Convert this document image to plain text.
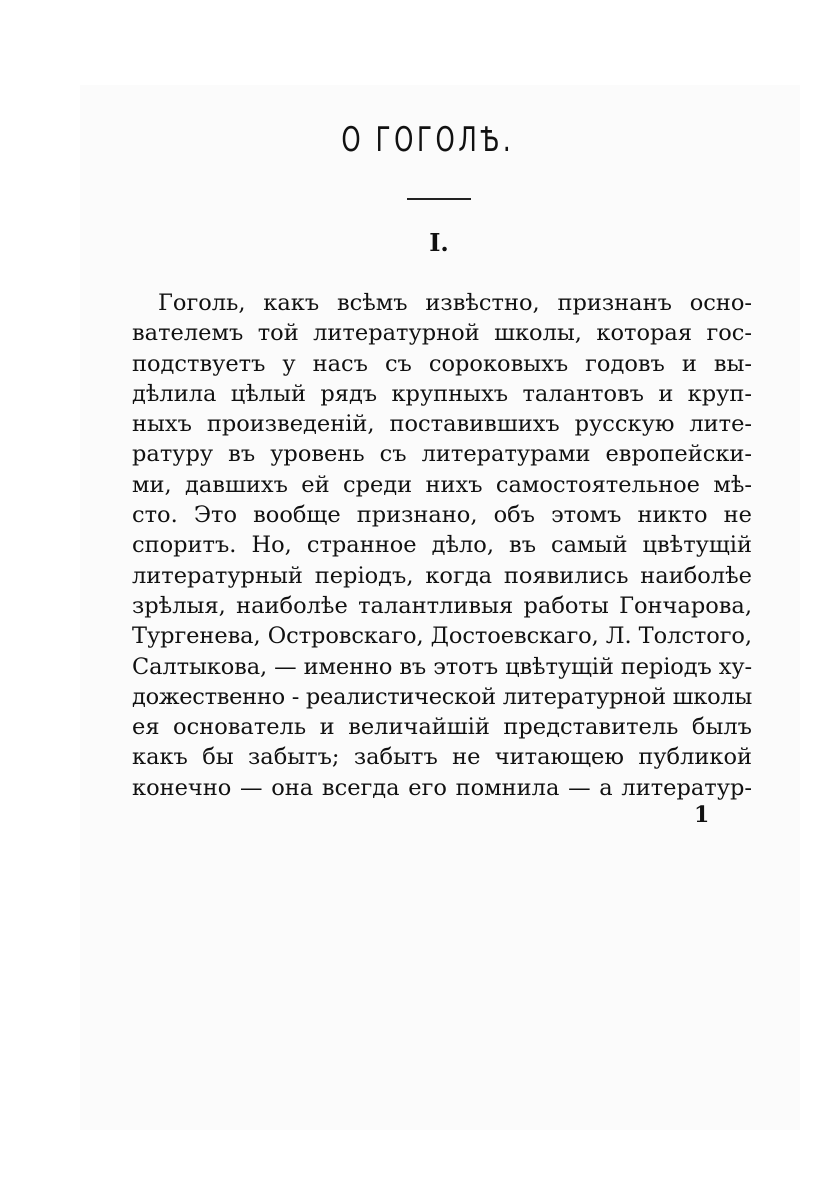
О ГОГОЛѢ.
I.
Гоголь, какъ всѣмъ извѣстно, признанъ осно-
вателемъ той литературной школы, которая гос-
подствуетъ у насъ съ сороковыхъ годовъ и вы-
дѣлила цѣлый рядъ крупныхъ талантовъ и круп-
ныхъ произведенiй, поставившихъ русскую лите-
ратуру въ уровень съ литературами европейски-
ми, давшихъ ей среди нихъ самостоятельное мѣ-
сто. Это вообще признано, объ этомъ никто не
споритъ. Но, странное дѣло, въ самый цвѣтущiй
литературный перiодъ, когда появились наиболѣе
зрѣлыя, наиболѣе талантливыя работы Гончарова,
Тургенева, Островскаго, Достоевскаго, Л. Толстого,
Салтыкова, — именно въ этотъ цвѣтущiй перiодъ ху-
дожественно - реалистической литературной школы
ея основатель и величайшiй представитель былъ
какъ бы забытъ; забытъ не читающею публикой
конечно — она всегда его помнила — а литератур-
1
